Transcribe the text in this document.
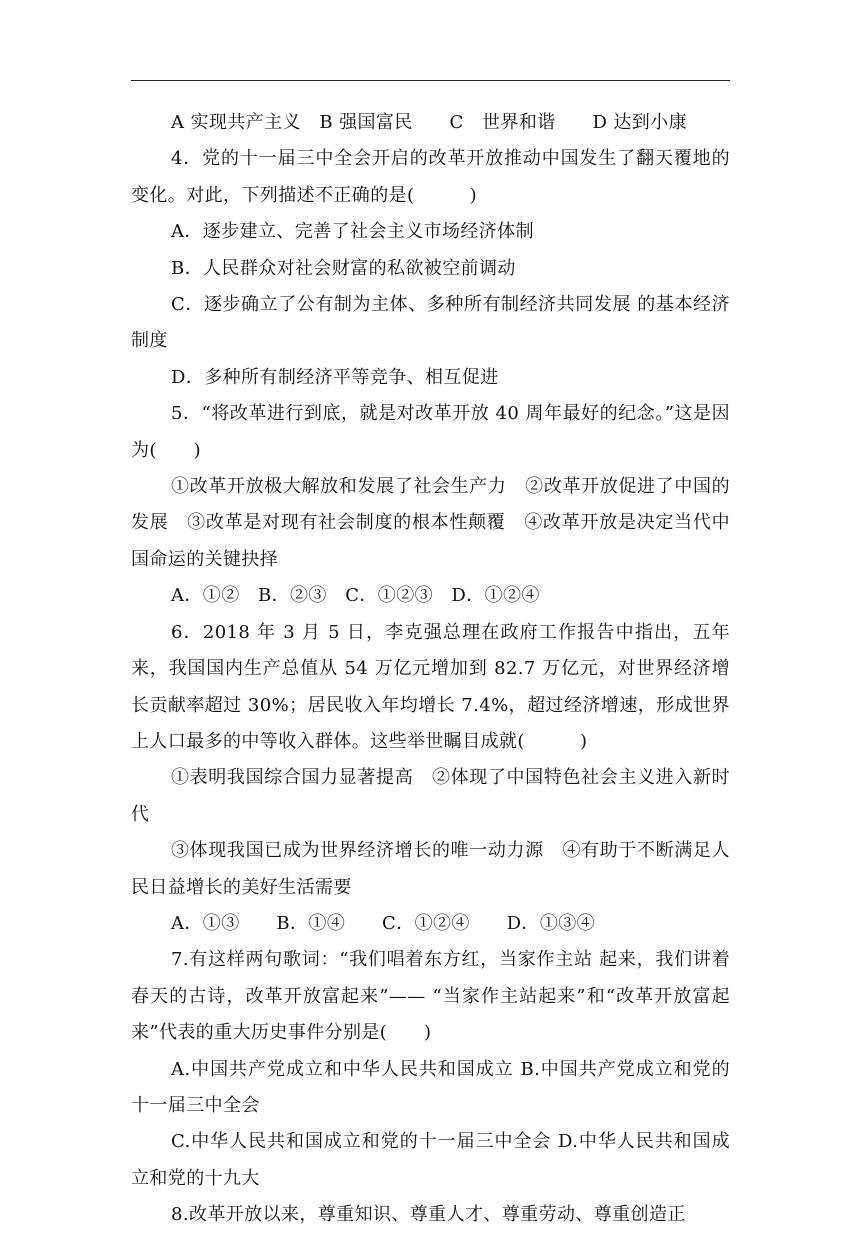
A 实现共产主义　B 强国富民　　C　世界和谐　　D 达到小康

4．党的十一届三中全会开启的改革开放推动中国发生了翻天覆地的变化。对此，下列描述不正确的是(　　　)

A．逐步建立、完善了社会主义市场经济体制

B．人民群众对社会财富的私欲被空前调动

C．逐步确立了公有制为主体、多种所有制经济共同发展 的基本经济制度

D．多种所有制经济平等竞争、相互促进

5．“将改革进行到底，就是对改革开放 40 周年最好的纪念。”这是因为(　　)

①改革开放极大解放和发展了社会生产力　②改革开放促进了中国的发展　③改革是对现有社会制度的根本性颠覆　④改革开放是决定当代中国命运的关键抉择

A．①②　B．②③　C．①②③　D．①②④

6．2018 年 3 月 5 日，李克强总理在政府工作报告中指出，五年来，我国国内生产总值从 54 万亿元增加到 82.7 万亿元，对世界经济增长贡献率超过 30%；居民收入年均增长 7.4%，超过经济增速，形成世界上人口最多的中等收入群体。这些举世瞩目成就(　　　)

①表明我国综合国力显著提高　②体现了中国特色社会主义进入新时代

③体现我国已成为世界经济增长的唯一动力源　④有助于不断满足人民日益增长的美好生活需要

A．①③　　B．①④　　C．①②④　　D．①③④

7.有这样两句歌词：“我们唱着东方红，当家作主站 起来，我们讲着春天的古诗，改革开放富起来”—— “当家作主站起来”和“改革开放富起来”代表的重大历史事件分别是(　　)

A.中国共产党成立和中华人民共和国成立 B.中国共产党成立和党的十一届三中全会

C.中华人民共和国成立和党的十一届三中全会 D.中华人民共和国成立和党的十九大

8.改革开放以来，尊重知识、尊重人才、尊重劳动、尊重创造正
